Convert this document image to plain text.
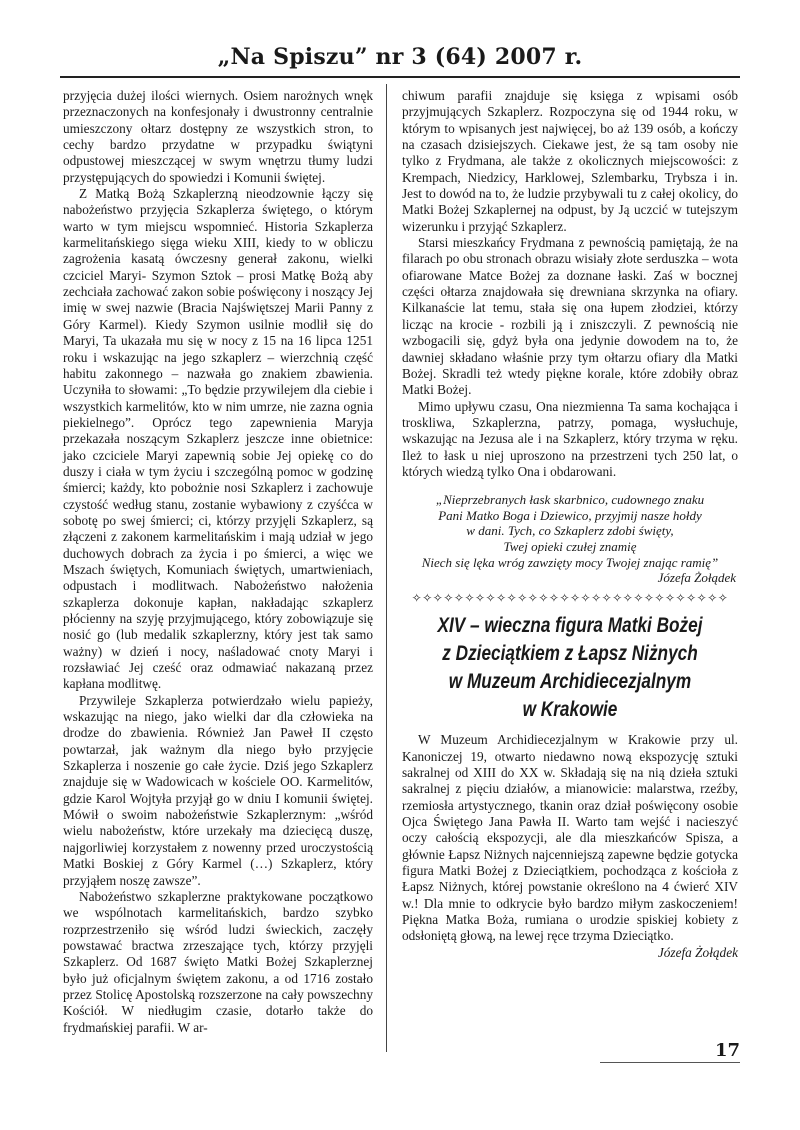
„Na Spiszu” nr 3 (64) 2007 r.

przyjęcia dużej ilości wiernych. Osiem narożnych wnęk przeznaczonych na konfesjonały i dwustronny centralnie umieszczony ołtarz dostępny ze wszystkich stron, to cechy bardzo przydatne w przypadku świątyni odpustowej mieszczącej w swym wnętrzu tłumy ludzi przystępujących do spowiedzi i Komunii świętej.

Z Matką Bożą Szkaplerzną nieodzownie łączy się nabożeństwo przyjęcia Szkaplerza świętego, o którym warto w tym miejscu wspomnieć. Historia Szkaplerza karmelitańskiego sięga wieku XIII, kiedy to w obliczu zagrożenia kasatą ówczesny generał zakonu, wielki czciciel Maryi- Szymon Sztok – prosi Matkę Bożą aby zechciała zachować zakon sobie poświęcony i noszący Jej imię w swej nazwie (Bracia Najświętszej Marii Panny z Góry Karmel). Kiedy Szymon usilnie modlił się do Maryi, Ta ukazała mu się w nocy z 15 na 16 lipca 1251 roku i wskazując na jego szkaplerz – wierzchnią część habitu zakonnego – nazwała go znakiem zbawienia. Uczyniła to słowami: „To będzie przywilejem dla ciebie i wszystkich karmelitów, kto w nim umrze, nie zazna ognia piekielnego”. Oprócz tego zapewnienia Maryja przekazała noszącym Szkaplerz jeszcze inne obietnice: jako czciciele Maryi zapewnią sobie Jej opiekę co do duszy i ciała w tym życiu i szczególną pomoc w godzinę śmierci; każdy, kto pobożnie nosi Szkaplerz i zachowuje czystość według stanu, zostanie wybawiony z czyśćca w sobotę po swej śmierci; ci, którzy przyjęli Szkaplerz, są złączeni z zakonem karmelitańskim i mają udział w jego duchowych dobrach za życia i po śmierci, a więc we Mszach świętych, Komuniach świętych, umartwieniach, odpustach i modlitwach. Nabożeństwo nałożenia szkaplerza dokonuje kapłan, nakładając szkaplerz płócienny na szyję przyjmującego, który zobowiązuje się nosić go (lub medalik szkaplerzny, który jest tak samo ważny) w dzień i nocy, naśladować cnoty Maryi i rozsławiać Jej cześć oraz odmawiać nakazaną przez kapłana modlitwę.

Przywileje Szkaplerza potwierdzało wielu papieży, wskazując na niego, jako wielki dar dla człowieka na drodze do zbawienia. Również Jan Paweł II często powtarzał, jak ważnym dla niego było przyjęcie Szkaplerza i noszenie go całe życie. Dziś jego Szkaplerz znajduje się w Wadowicach w kościele OO. Karmelitów, gdzie Karol Wojtyła przyjął go w dniu I komunii świętej. Mówił o swoim nabożeństwie Szkaplerznym: „wśród wielu nabożeństw, które urzekały ma dziecięcą duszę, najgorliwiej korzystałem z nowenny przed uroczystością Matki Boskiej z Góry Karmel (…) Szkaplerz, który przyjąłem noszę zawsze”.

Nabożeństwo szkaplerzne praktykowane początkowo we wspólnotach karmelitańskich, bardzo szybko rozprzestrzeniło się wśród ludzi świeckich, zaczęły powstawać bractwa zrzeszające tych, którzy przyjęli Szkaplerz. Od 1687 święto Matki Bożej Szkaplerznej było już oficjalnym świętem zakonu, a od 1716 zostało przez Stolicę Apostolską rozszerzone na cały powszechny Kościół. W niedługim czasie, dotarło także do frydmańskiej parafii. W ar-

chiwum parafii znajduje się księga z wpisami osób przyjmujących Szkaplerz. Rozpoczyna się od 1944 roku, w którym to wpisanych jest najwięcej, bo aż 139 osób, a kończy na czasach dzisiejszych. Ciekawe jest, że są tam osoby nie tylko z Frydmana, ale także z okolicznych miejscowości: z Krempach, Niedzicy, Harklowej, Szlembarku, Trybsza i in. Jest to dowód na to, że ludzie przybywali tu z całej okolicy, do Matki Bożej Szkaplernej na odpust, by Ją uczcić w tutejszym wizerunku i przyjąć Szkaplerz.

Starsi mieszkańcy Frydmana z pewnością pamiętają, że na filarach po obu stronach obrazu wisiały złote serduszka – wota ofiarowane Matce Bożej za doznane łaski. Zaś w bocznej części ołtarza znajdowała się drewniana skrzynka na ofiary. Kilkanaście lat temu, stała się ona łupem złodziei, którzy licząc na krocie - rozbili ją i zniszczyli. Z pewnością nie wzbogacili się, gdyż była ona jedynie dowodem na to, że dawniej składano właśnie przy tym ołtarzu ofiary dla Matki Bożej. Skradli też wtedy piękne korale, które zdobiły obraz Matki Bożej.

Mimo upływu czasu, Ona niezmienna Ta sama kochająca i troskliwa, Szkaplerzna, patrzy, pomaga, wysłuchuje, wskazując na Jezusa ale i na Szkaplerz, który trzyma w ręku. Ileż to łask u niej uproszono na przestrzeni tych 250 lat, o których wiedzą tylko Ona i obdarowani.

„Nieprzebranych łask skarbnico, cudownego znaku
Pani Matko Boga i Dziewico, przyjmij nasze hołdy
w dani. Tych, co Szkaplerz zdobi święty,
Twej opieki czułej znamię
Niech się lęka wróg zawzięty mocy Twojej znając ramię”
Józefa Żołądek
✧✧✧✧✧✧✧✧✧✧✧✧✧✧✧✧✧✧✧✧✧✧✧✧✧✧✧✧✧✧
XIV – wieczna figura Matki Bożej
z Dzieciątkiem z Łapsz Niżnych
w Muzeum Archidiecezjalnym
w Krakowie

W Muzeum Archidiecezjalnym w Krakowie przy ul. Kanoniczej 19, otwarto niedawno nową ekspozycję sztuki sakralnej od XIII do XX w. Składają się na nią dzieła sztuki sakralnej z pięciu działów, a mianowicie: malarstwa, rzeźby, rzemiosła artystycznego, tkanin oraz dział poświęcony osobie Ojca Świętego Jana Pawła II. Warto tam wejść i nacieszyć oczy całością ekspozycji, ale dla mieszkańców Spisza, a głównie Łapsz Niżnych najcenniejszą zapewne będzie gotycka figura Matki Bożej z Dzieciątkiem, pochodząca z kościoła z Łapsz Niżnych, której powstanie określono na 4 ćwierć XIV w.! Dla mnie to odkrycie było bardzo miłym zaskoczeniem! Piękna Matka Boża, rumiana o urodzie spiskiej kobiety z odsłoniętą głową, na lewej ręce trzyma Dzieciątko.

Józefa Żołądek

17
